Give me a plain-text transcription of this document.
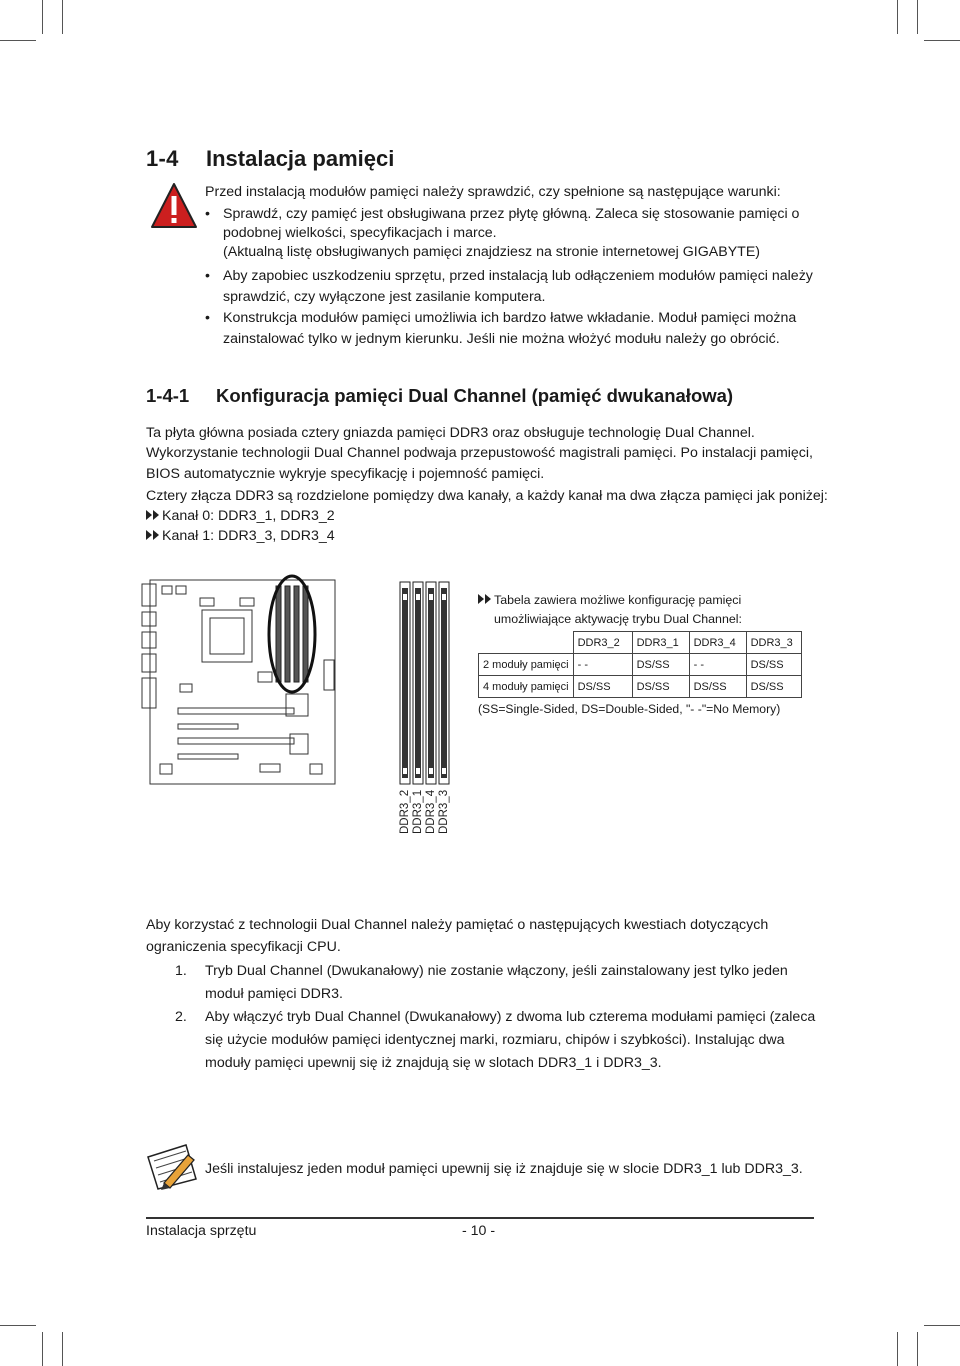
1-4 Instalacja pamięci
Przed instalacją modułów pamięci należy sprawdzić, czy spełnione są następujące warunki:
• Sprawdź, czy pamięć jest obsługiwana przez płytę główną. Zaleca się stosowanie pamięci o
podobnej wielkości, specyfikacjach i marce.
(Aktualną listę obsługiwanych pamięci znajdziesz na stronie internetowej GIGABYTE)
• Aby zapobiec uszkodzeniu sprzętu, przed instalacją lub odłączeniem modułów pamięci należy
sprawdzić, czy wyłączone jest zasilanie komputera.
• Konstrukcja modułów pamięci umożliwia ich bardzo łatwe wkładanie. Moduł pamięci można
zainstalować tylko w jednym kierunku. Jeśli nie można włożyć modułu należy go obrócić.
1-4-1 Konfiguracja pamięci Dual Channel (pamięć dwukanałowa)
Ta płyta główna posiada cztery gniazda pamięci DDR3 oraz obsługuje technologię Dual Channel.
Wykorzystanie technologii Dual Channel podwaja przepustowość magistrali pamięci. Po instalacji pamięci,
BIOS automatycznie wykryje specyfikację i pojemność pamięci.
Cztery złącza DDR3 są rozdzielone pomiędzy dwa kanały, a każdy kanał ma dwa złącza pamięci jak poniżej:
Kanał 0: DDR3_1, DDR3_2
Kanał 1: DDR3_3, DDR3_4
DDR3_2 DDR3_1 DDR3_4 DDR3_3
Tabela zawiera możliwe konfigurację pamięci
umożliwiające aktywację trybu Dual Channel:
	DDR3_2	DDR3_1	DDR3_4	DDR3_3
2 moduły pamięci	- -	DS/SS	- -	DS/SS
4 moduły pamięci	DS/SS	DS/SS	DS/SS	DS/SS
(SS=Single-Sided, DS=Double-Sided, "- -"=No Memory)
Aby korzystać z technologii Dual Channel należy pamiętać o następujących kwestiach dotyczących
ograniczenia specyfikacji CPU.
1. Tryb Dual Channel (Dwukanałowy) nie zostanie włączony, jeśli zainstalowany jest tylko jeden
moduł pamięci DDR3.
2. Aby włączyć tryb Dual Channel (Dwukanałowy) z dwoma lub czterema modułami pamięci (zaleca
się użycie modułów pamięci identycznej marki, rozmiaru, chipów i szybkości). Instalując dwa
moduły pamięci upewnij się iż znajdują się w slotach DDR3_1 i DDR3_3.
Jeśli instalujesz jeden moduł pamięci upewnij się iż znajduje się w slocie DDR3_1 lub DDR3_3.
Instalacja sprzętu	- 10 -
